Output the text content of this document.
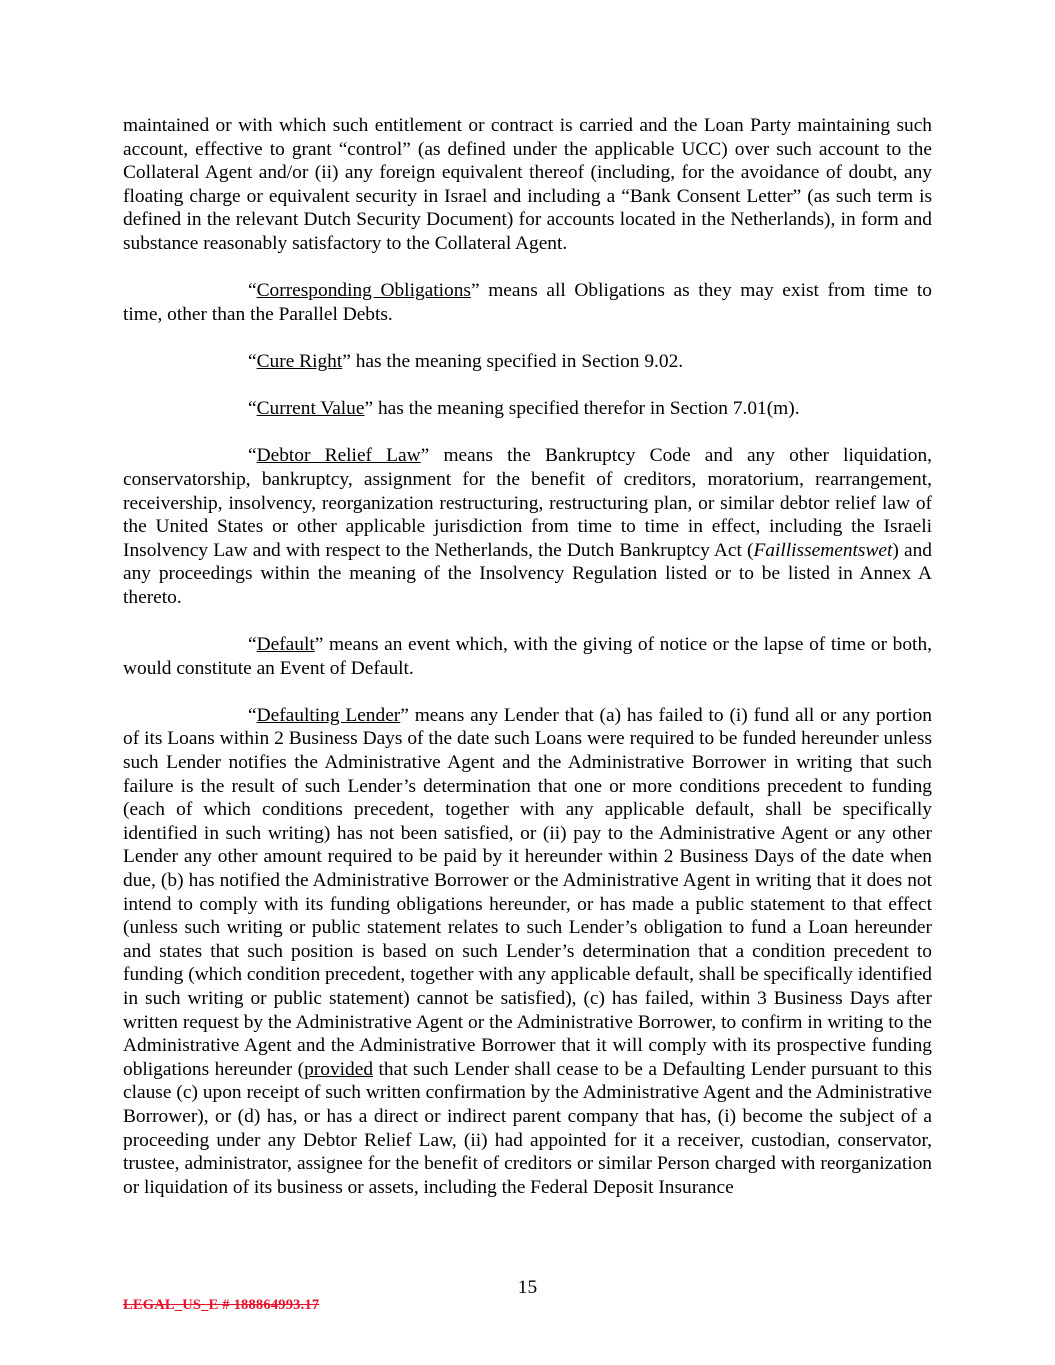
maintained or with which such entitlement or contract is carried and the Loan Party maintaining such account, effective to grant “control” (as defined under the applicable UCC) over such account to the Collateral Agent and/or (ii) any foreign equivalent thereof (including, for the avoidance of doubt, any floating charge or equivalent security in Israel and including a “Bank Consent Letter” (as such term is defined in the relevant Dutch Security Document) for accounts located in the Netherlands), in form and substance reasonably satisfactory to the Collateral Agent.

“Corresponding Obligations” means all Obligations as they may exist from time to time, other than the Parallel Debts.

“Cure Right” has the meaning specified in Section 9.02.

“Current Value” has the meaning specified therefor in Section 7.01(m).

“Debtor Relief Law” means the Bankruptcy Code and any other liquidation, conservatorship, bankruptcy, assignment for the benefit of creditors, moratorium, rearrangement, receivership, insolvency, reorganization restructuring, restructuring plan, or similar debtor relief law of the United States or other applicable jurisdiction from time to time in effect, including the Israeli Insolvency Law and with respect to the Netherlands, the Dutch Bankruptcy Act (Faillissementswet) and any proceedings within the meaning of the Insolvency Regulation listed or to be listed in Annex A thereto.

“Default” means an event which, with the giving of notice or the lapse of time or both, would constitute an Event of Default.

“Defaulting Lender” means any Lender that (a) has failed to (i) fund all or any portion of its Loans within 2 Business Days of the date such Loans were required to be funded hereunder unless such Lender notifies the Administrative Agent and the Administrative Borrower in writing that such failure is the result of such Lender’s determination that one or more conditions precedent to funding (each of which conditions precedent, together with any applicable default, shall be specifically identified in such writing) has not been satisfied, or (ii) pay to the Administrative Agent or any other Lender any other amount required to be paid by it hereunder within 2 Business Days of the date when due, (b) has notified the Administrative Borrower or the Administrative Agent in writing that it does not intend to comply with its funding obligations hereunder, or has made a public statement to that effect (unless such writing or public statement relates to such Lender’s obligation to fund a Loan hereunder and states that such position is based on such Lender’s determination that a condition precedent to funding (which condition precedent, together with any applicable default, shall be specifically identified in such writing or public statement) cannot be satisfied), (c) has failed, within 3 Business Days after written request by the Administrative Agent or the Administrative Borrower, to confirm in writing to the Administrative Agent and the Administrative Borrower that it will comply with its prospective funding obligations hereunder (provided that such Lender shall cease to be a Defaulting Lender pursuant to this clause (c) upon receipt of such written confirmation by the Administrative Agent and the Administrative Borrower), or (d) has, or has a direct or indirect parent company that has, (i) become the subject of a proceeding under any Debtor Relief Law, (ii) had appointed for it a receiver, custodian, conservator, trustee, administrator, assignee for the benefit of creditors or similar Person charged with reorganization or liquidation of its business or assets, including the Federal Deposit Insurance

15
LEGAL_US_E # 188864993.17
